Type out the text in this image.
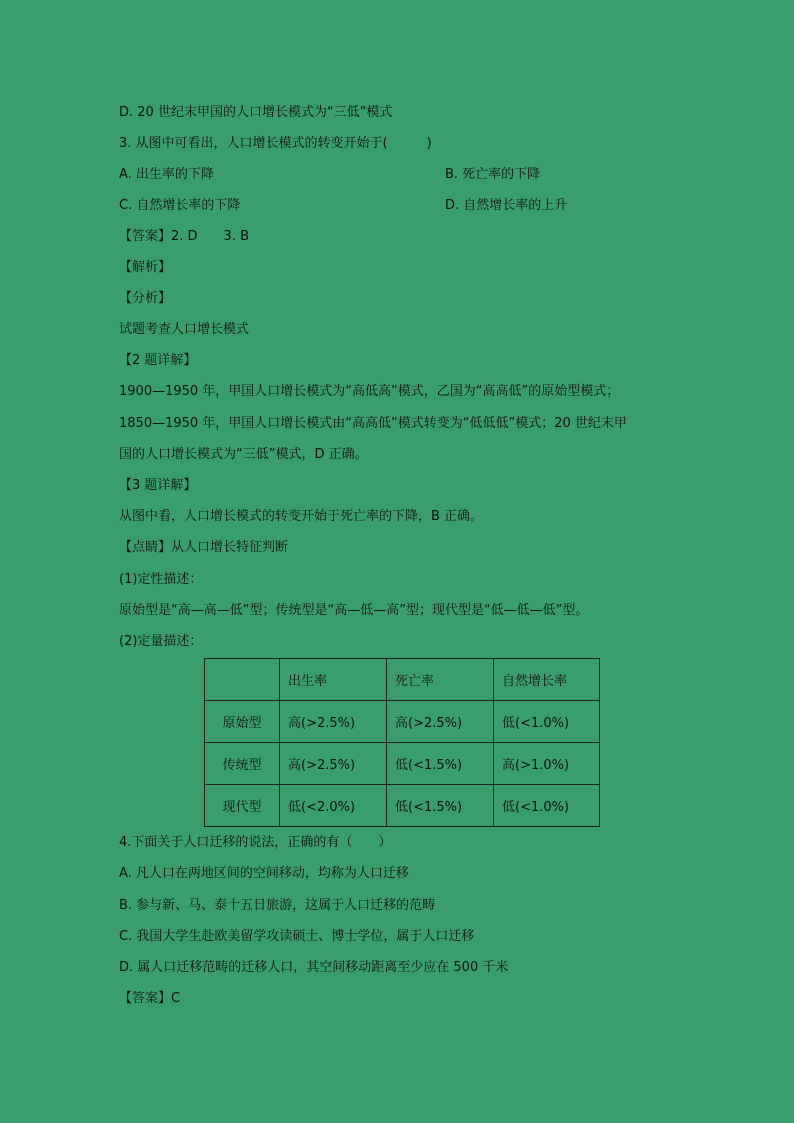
D. 20 世纪末甲国的人口增长模式为“三低”模式
3. 从图中可看出，人口增长模式的转变开始于(　　　)
A. 出生率的下降	B. 死亡率的下降
C. 自然增长率的下降	D. 自然增长率的上升
【答案】2. D　　3. B
【解析】
【分析】
试题考查人口增长模式
【2 题详解】
1900—1950 年，甲国人口增长模式为“高低高”模式，乙国为“高高低”的原始型模式；
1850—1950 年，甲国人口增长模式由“高高低”模式转变为“低低低”模式；20 世纪末甲
国的人口增长模式为“三低”模式，D 正确。
【3 题详解】
从图中看，人口增长模式的转变开始于死亡率的下降，B 正确。
【点睛】从人口增长特征判断
(1)定性描述：
原始型是“高—高—低”型；传统型是“高—低—高”型；现代型是“低—低—低”型。
(2)定量描述：
	出生率	死亡率	自然增长率
原始型	高(>2.5%)	高(>2.5%)	低(<1.0%)
传统型	高(>2.5%)	低(<1.5%)	高(>1.0%)
现代型	低(<2.0%)	低(<1.5%)	低(<1.0%)
4.下面关于人口迁移的说法，正确的有（　　）
A. 凡人口在两地区间的空间移动，均称为人口迁移
B. 参与新、马、泰十五日旅游，这属于人口迁移的范畴
C. 我国大学生赴欧美留学攻读硕士、博士学位，属于人口迁移
D. 属人口迁移范畴的迁移人口，其空间移动距离至少应在 500 千米
【答案】C
